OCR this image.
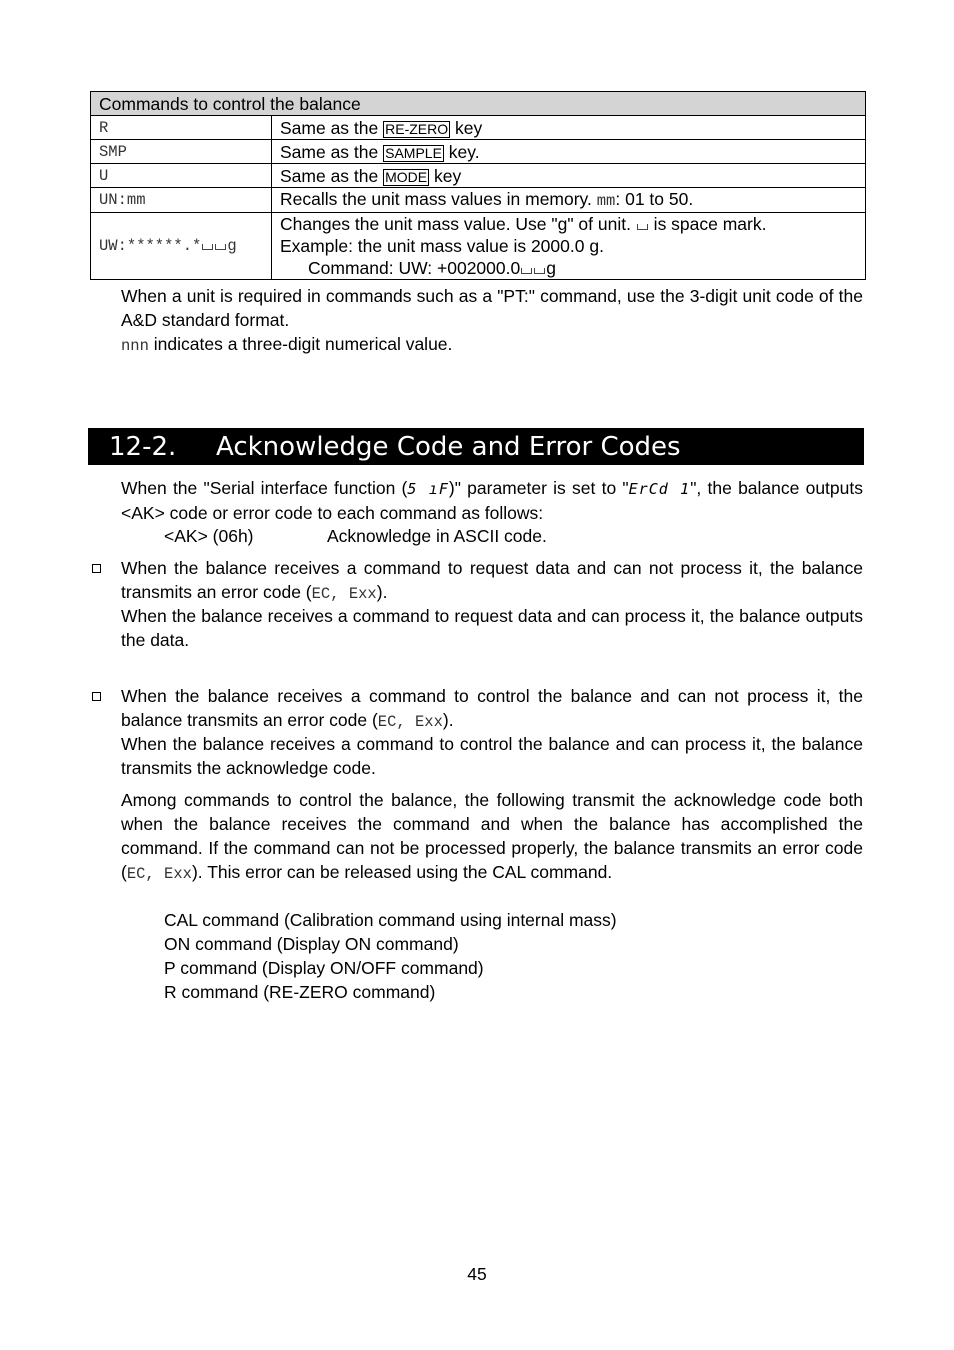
Commands to control the balance	
R	Same as the RE-ZERO key
SMP	Same as the SAMPLE key.
U	Same as the MODE key
UN:mm	Recalls the unit mass values in memory. mm: 01 to 50.
UW:******.* g	Changes the unit mass value. Use "g" of unit.  is space mark.
Example: the unit mass value is 2000.0 g.
Command: UW: +002000.0 g
When a unit is required in commands such as a "PT:" command, use the 3-digit unit code of the A&D standard format.
nnn indicates a three-digit numerical value.
12-2. Acknowledge Code and Error Codes
When the "Serial interface function (5 ıF)" parameter is set to "ErCd 1", the balance outputs <AK> code or error code to each command as follows:
<AK> (06h)	Acknowledge in ASCII code.
When the balance receives a command to request data and can not process it, the balance transmits an error code (EC, Exx).
When the balance receives a command to request data and can process it, the balance outputs the data.
When the balance receives a command to control the balance and can not process it, the balance transmits an error code (EC, Exx).
When the balance receives a command to control the balance and can process it, the balance transmits the acknowledge code.
Among commands to control the balance, the following transmit the acknowledge code both when the balance receives the command and when the balance has accomplished the command. If the command can not be processed properly, the balance transmits an error code (EC, Exx). This error can be released using the CAL command.
CAL command (Calibration command using internal mass)
ON command (Display ON command)
P command (Display ON/OFF command)
R command (RE-ZERO command)
45
